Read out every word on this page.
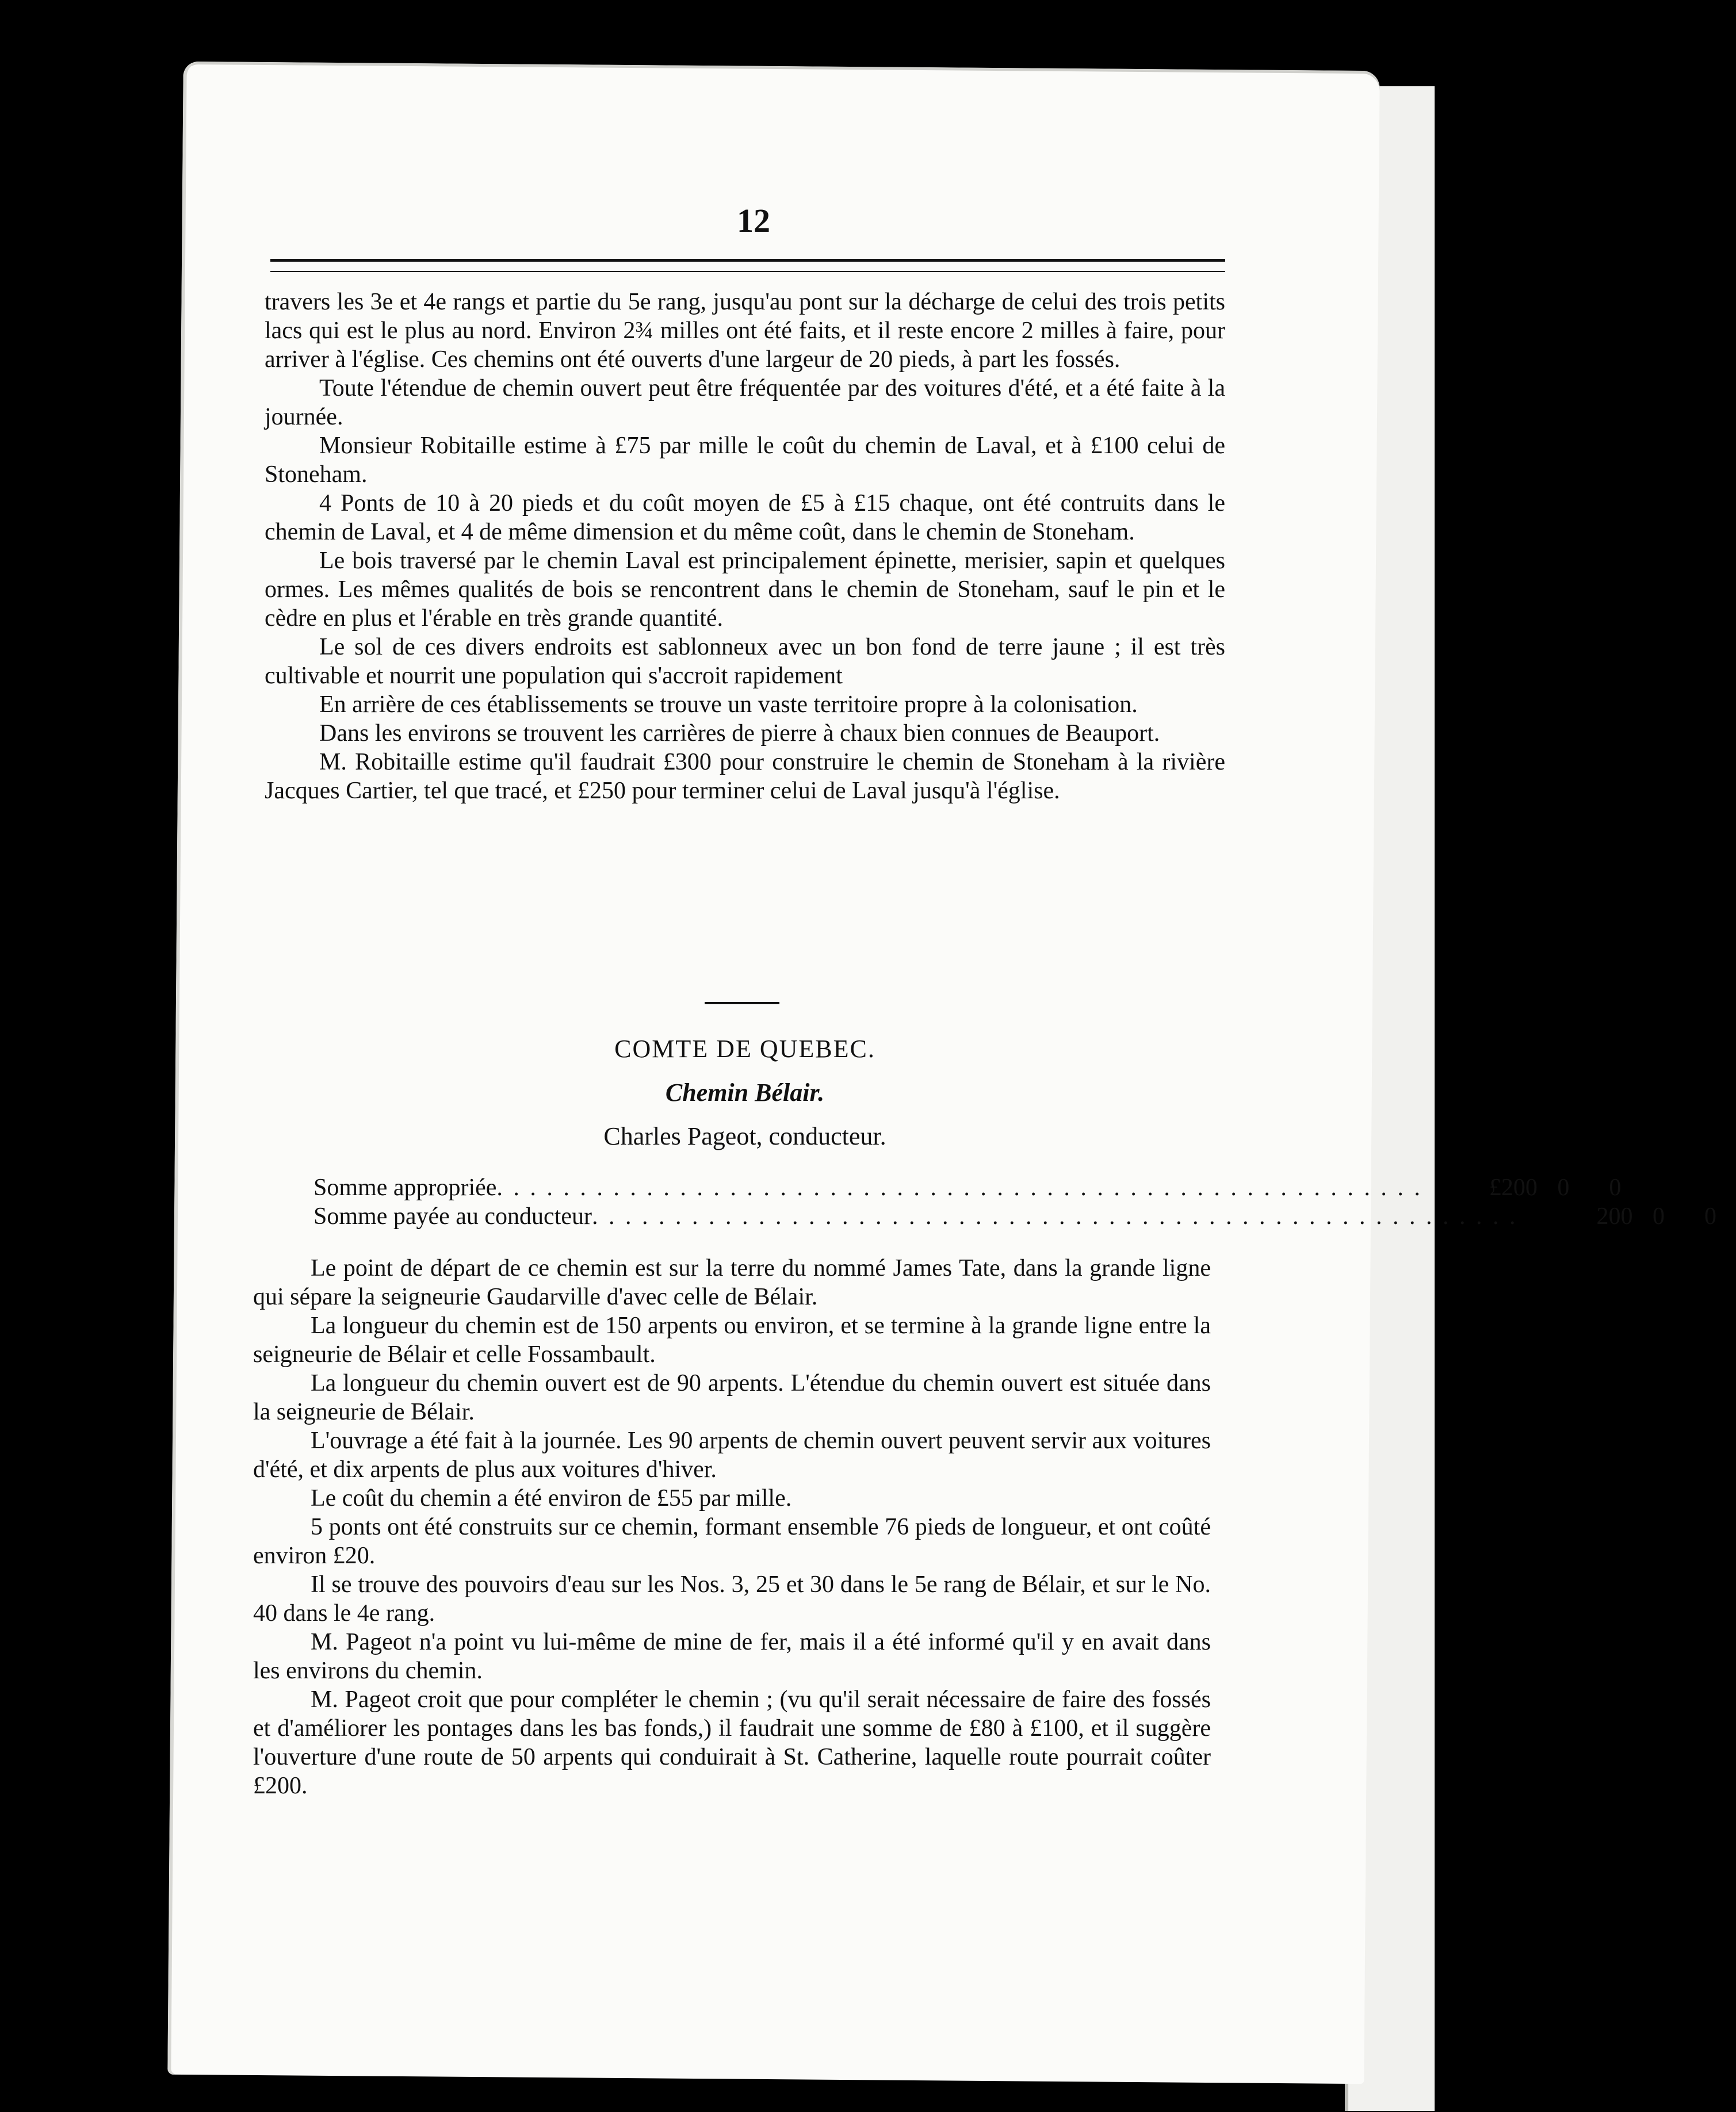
12

travers les 3e et 4e rangs et partie du 5e rang, jusqu'au pont sur la décharge de celui des trois petits lacs qui est le plus au nord. Environ 2¾ milles ont été faits, et il reste encore 2 milles à faire, pour arriver à l'église. Ces chemins ont été ouverts d'une largeur de 20 pieds, à part les fossés.

Toute l'étendue de chemin ouvert peut être fréquentée par des voitures d'été, et a été faite à la journée.

Monsieur Robitaille estime à £75 par mille le coût du chemin de Laval, et à £100 celui de Stoneham.

4 Ponts de 10 à 20 pieds et du coût moyen de £5 à £15 chaque, ont été contruits dans le chemin de Laval, et 4 de même dimension et du même coût, dans le chemin de Stoneham.

Le bois traversé par le chemin Laval est principalement épinette, merisier, sapin et quelques ormes. Les mêmes qualités de bois se rencontrent dans le chemin de Stoneham, sauf le pin et le cèdre en plus et l'érable en très grande quantité.

Le sol de ces divers endroits est sablonneux avec un bon fond de terre jaune ; il est très cultivable et nourrit une population qui s'accroit rapidement

En arrière de ces établissements se trouve un vaste territoire propre à la colonisation.

Dans les environs se trouvent les carrières de pierre à chaux bien connues de Beauport.

M. Robitaille estime qu'il faudrait £300 pour construire le chemin de Stoneham à la rivière Jacques Cartier, tel que tracé, et £250 pour terminer celui de Laval jusqu'à l'église.

COMTE DE QUEBEC.
Chemin Bélair.
Charles Pageot, conducteur.
Somme appropriée . . . . . . . . . . . . . . . . . . . . . . . . . . . . . . . . . . . . . . . . . . . . . . . . . . . . . . . .	£200 0	0
Somme payée au conducteur . . . . . . . . . . . . . . . . . . . . . . . . . . . . . . . . . . . . . . . . . . . . . . . . . . . . . . . .	200 0	0

Le point de départ de ce chemin est sur la terre du nommé James Tate, dans la grande ligne qui sépare la seigneurie Gaudarville d'avec celle de Bélair.

La longueur du chemin est de 150 arpents ou environ, et se termine à la grande ligne entre la seigneurie de Bélair et celle Fossambault.

La longueur du chemin ouvert est de 90 arpents. L'étendue du chemin ouvert est située dans la seigneurie de Bélair.

L'ouvrage a été fait à la journée. Les 90 arpents de chemin ouvert peuvent servir aux voitures d'été, et dix arpents de plus aux voitures d'hiver.

Le coût du chemin a été environ de £55 par mille.

5 ponts ont été construits sur ce chemin, formant ensemble 76 pieds de longueur, et ont coûté environ £20.

Il se trouve des pouvoirs d'eau sur les Nos. 3, 25 et 30 dans le 5e rang de Bélair, et sur le No. 40 dans le 4e rang.

M. Pageot n'a point vu lui-même de mine de fer, mais il a été informé qu'il y en avait dans les environs du chemin.

M. Pageot croit que pour compléter le chemin ; (vu qu'il serait nécessaire de faire des fossés et d'améliorer les pontages dans les bas fonds,) il faudrait une somme de £80 à £100, et il suggère l'ouverture d'une route de 50 arpents qui conduirait à St. Catherine, laquelle route pourrait coûter £200.
